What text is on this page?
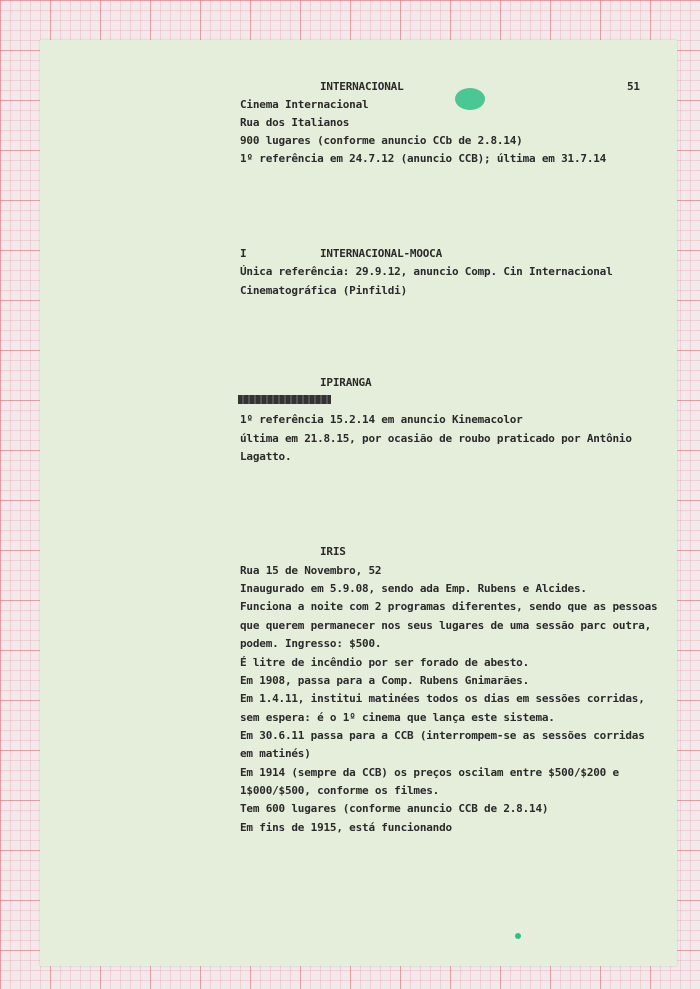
51
INTERNACIONAL
Cinema Internacional
Rua dos Italianos
900 lugares (conforme anuncio CCb de 2.8.14)
1º referência em 24.7.12 (anuncio CCB); última em 31.7.14
I	INTERNACIONAL-MOOCA
Única referência: 29.9.12, anuncio Comp. Cin Internacional
Cinematográfica (Pinfildi)
IPIRANGA
1º referência 15.2.14 em anuncio Kinemacolor
última em 21.8.15, por ocasião de roubo praticado por Antônio
Lagatto.
IRIS
Rua 15 de Novembro, 52
Inaugurado em 5.9.08, sendo ada Emp. Rubens e Alcides.
Funciona a noite com 2 programas diferentes, sendo que as pessoas
que querem permanecer nos seus lugares de uma sessão parc outra,
podem. Ingresso: $500.
É litre de incêndio por ser forado de abesto.
Em 1908, passa para a Comp. Rubens Gnimarães.
Em 1.4.11, institui matinées todos os dias em sessões corridas,
sem espera: é o 1º cinema que lança este sistema.
Em 30.6.11 passa para a CCB (interrompem-se as sessões corridas
em matinés)
Em 1914 (sempre da CCB) os preços oscilam entre $500/$200 e
1$000/$500, conforme os filmes.
Tem 600 lugares (conforme anuncio CCB de 2.8.14)
Em fins de 1915, está funcionando
